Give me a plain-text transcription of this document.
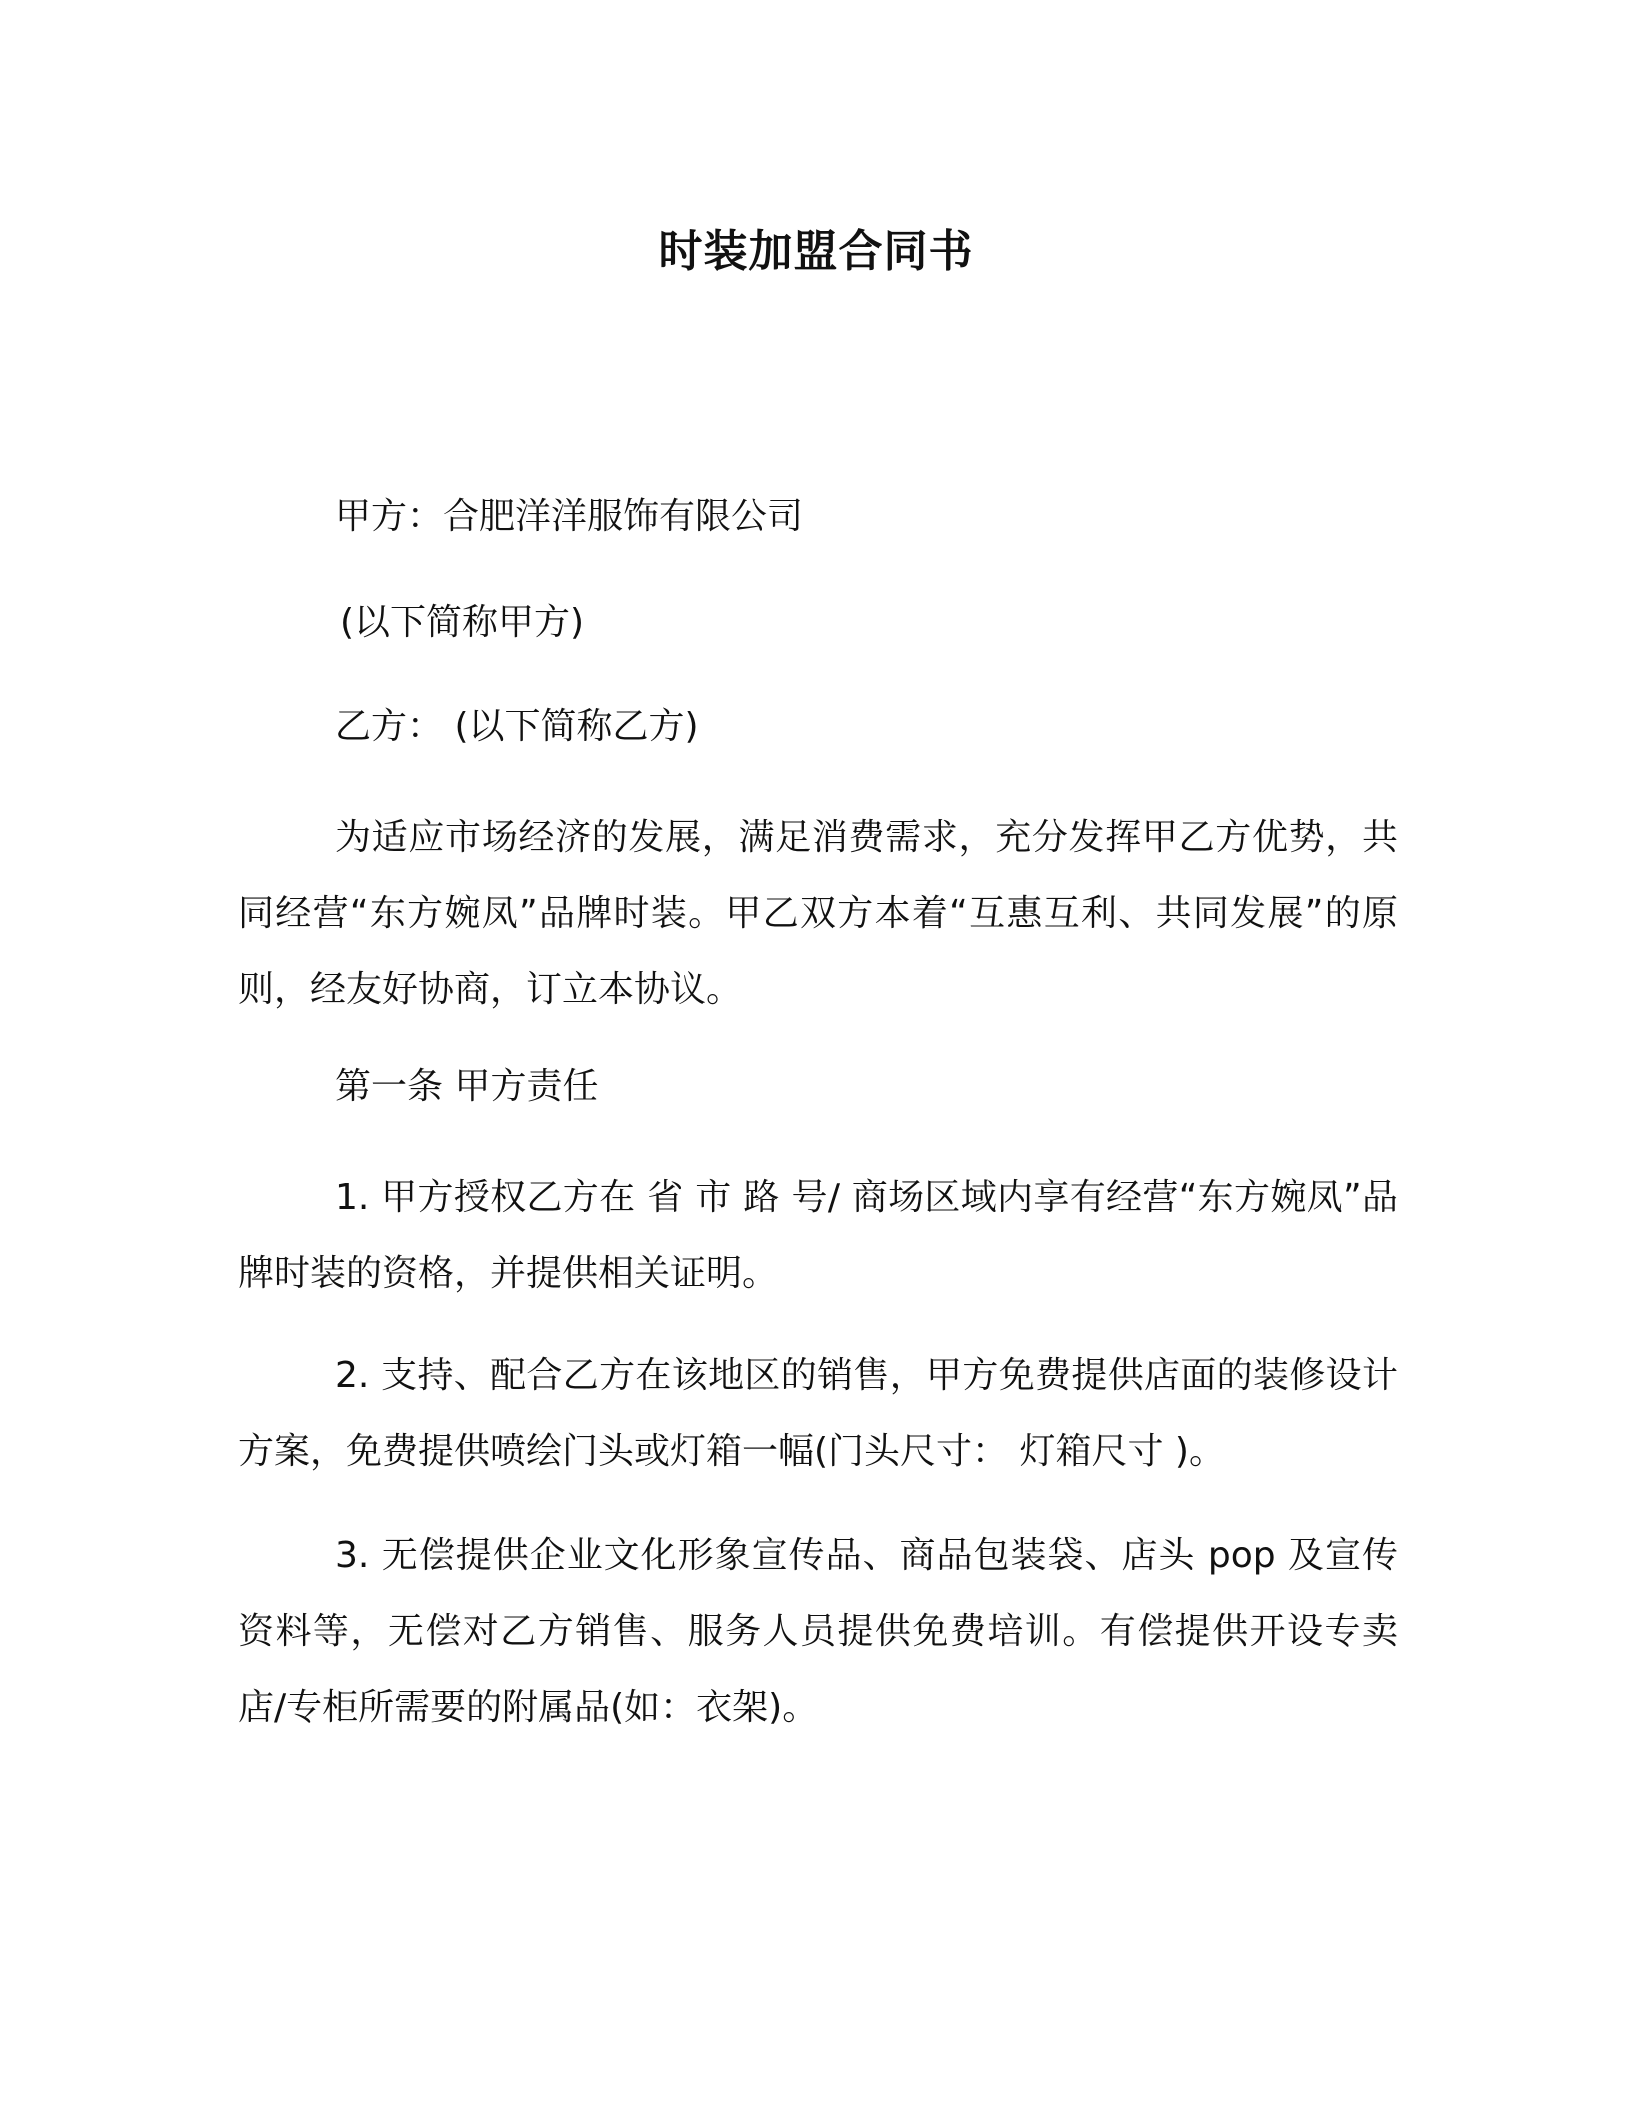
时装加盟合同书
甲方：合肥洋洋服饰有限公司
(以下简称甲方)
乙方： (以下简称乙方)
为适应市场经济的发展，满足消费需求，充分发挥甲乙方优势，共同经营“东方婉凤”品牌时装。甲乙双方本着“互惠互利、共同发展”的原则，经友好协商，订立本协议。
第一条 甲方责任
1. 甲方授权乙方在 省 市 路 号/ 商场区域内享有经营“东方婉凤”品牌时装的资格，并提供相关证明。
2. 支持、配合乙方在该地区的销售，甲方免费提供店面的装修设计方案，免费提供喷绘门头或灯箱一幅(门头尺寸： 灯箱尺寸 )。
3. 无偿提供企业文化形象宣传品、商品包装袋、店头 pop 及宣传资料等，无偿对乙方销售、服务人员提供免费培训。有偿提供开设专卖店/专柜所需要的附属品(如：衣架)。
